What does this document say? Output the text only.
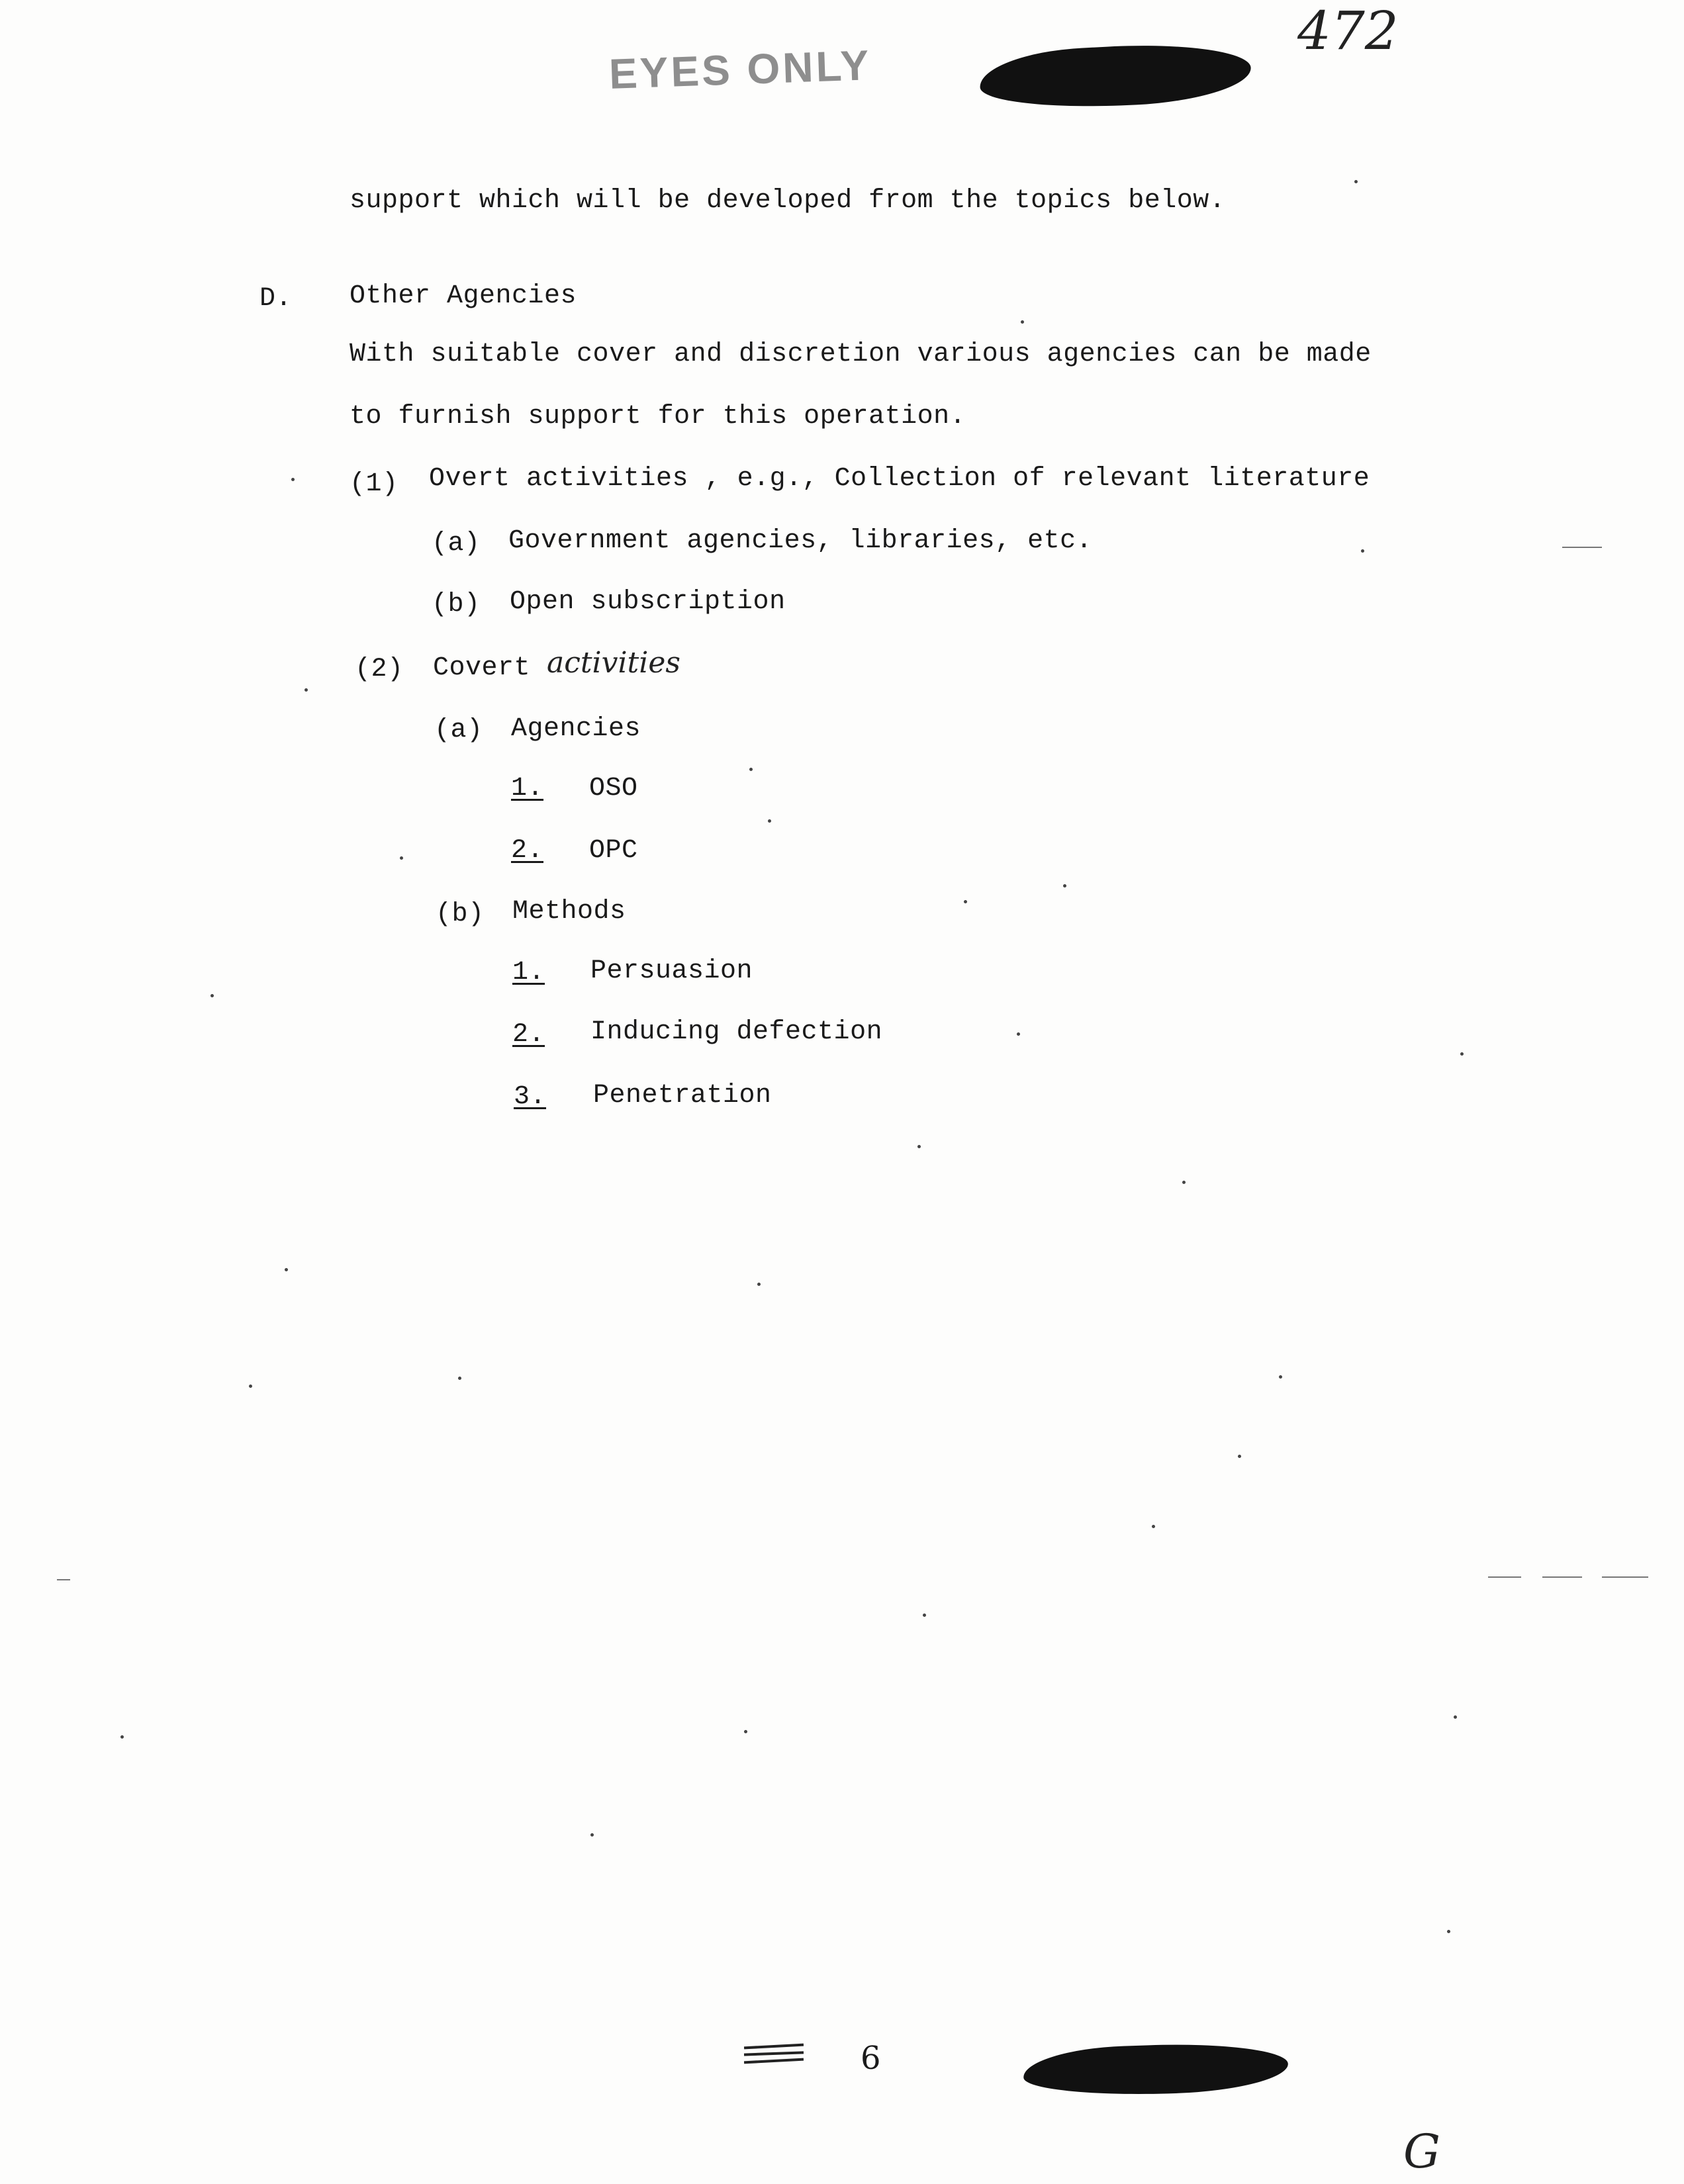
EYES ONLY
472
support which will be developed from the topics below.
D. Other Agencies
With suitable cover and discretion various agencies can be made
to furnish support for this operation.
(1) Overt activities , e.g., Collection of relevant literature
(a) Government agencies, libraries, etc.
(b) Open subscription
(2) Covert activities
(a) Agencies
1. OSO
2. OPC
(b) Methods
1. Persuasion
2. Inducing defection
3. Penetration
6
G
